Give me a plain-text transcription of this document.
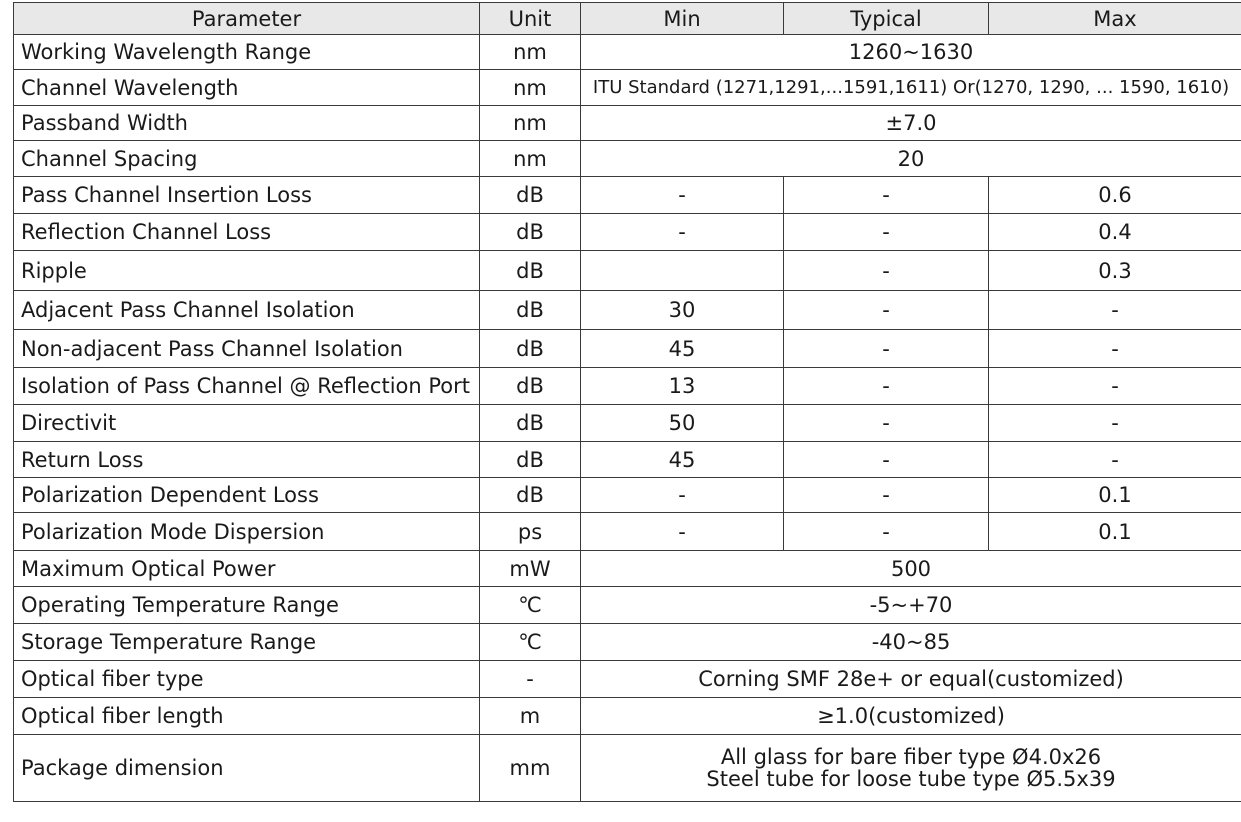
Parameter	Unit	Min	Typical	Max
Working Wavelength Range	nm	1260~1630		
Channel Wavelength	nm	ITU Standard (1271,1291,...1591,1611) Or(1270, 1290, ... 1590, 1610)		
Passband Width	nm	±7.0		
Channel Spacing	nm	20		
Pass Channel Insertion Loss	dB	-	-	0.6
Reflection Channel Loss	dB	-	-	0.4
Ripple	dB		-	0.3
Adjacent Pass Channel Isolation	dB	30	-	-
Non-adjacent Pass Channel Isolation	dB	45	-	-
Isolation of Pass Channel @ Reflection Port	dB	13	-	-
Directivit	dB	50	-	-
Return Loss	dB	45	-	-
Polarization Dependent Loss	dB	-	-	0.1
Polarization Mode Dispersion	ps	-	-	0.1
Maximum Optical Power	mW	500		
Operating Temperature Range	℃	-5~+70		
Storage Temperature Range	℃	-40~85		
Optical fiber type	-	Corning SMF 28e+ or equal(customized)		
Optical fiber length	m	≥1.0(customized)		
Package dimension	mm	All glass for bare fiber type Ø4.0x26
Steel tube for loose tube type Ø5.5x39		
